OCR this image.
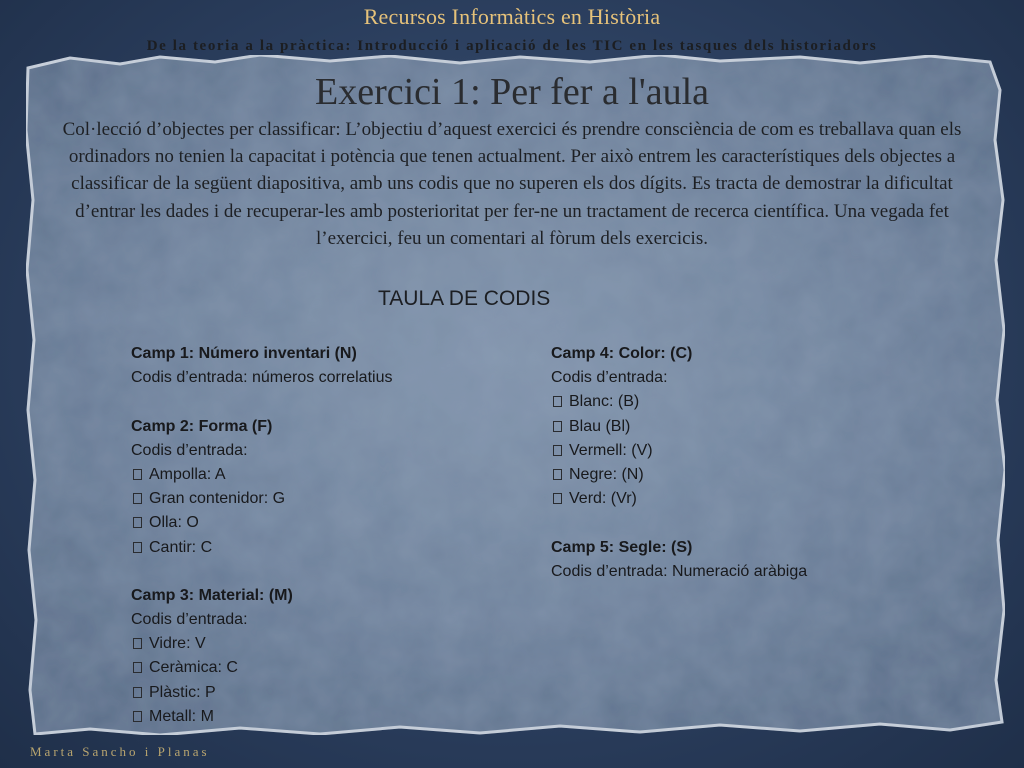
Recursos Informàtics en Història
De la teoria a la pràctica: Introducció i aplicació de les TIC en les tasques dels historiadors
Exercici 1: Per fer a l'aula

Col·lecció d’objectes per classificar: L’objectiu d’aquest exercici és prendre consciència de com es treballava quan els ordinadors no tenien la capacitat i potència que tenen actualment. Per això entrem les característiques dels objectes a classificar de la següent diapositiva, amb uns codis que no superen els dos dígits. Es tracta de demostrar la dificultat d’entrar les dades i de recuperar-les amb posterioritat per fer-ne un tractament de recerca científica. Una vegada fet l’exercici, feu un comentari al fòrum dels exercicis.

TAULA DE CODIS
Camp 1: Número inventari (N)
Codis d’entrada: números correlatius
Camp 2: Forma (F)
Codis d’entrada:
Ampolla: A
Gran contenidor: G
Olla: O
Cantir: C
Camp 3: Material: (M)
Codis d’entrada:
Vidre: V
Ceràmica: C
Plàstic: P
Metall: M
Camp 4: Color: (C)
Codis d’entrada:
Blanc: (B)
Blau (Bl)
Vermell: (V)
Negre: (N)
Verd: (Vr)
Camp 5: Segle: (S)
Codis d’entrada: Numeració aràbiga
Marta Sancho i Planas
